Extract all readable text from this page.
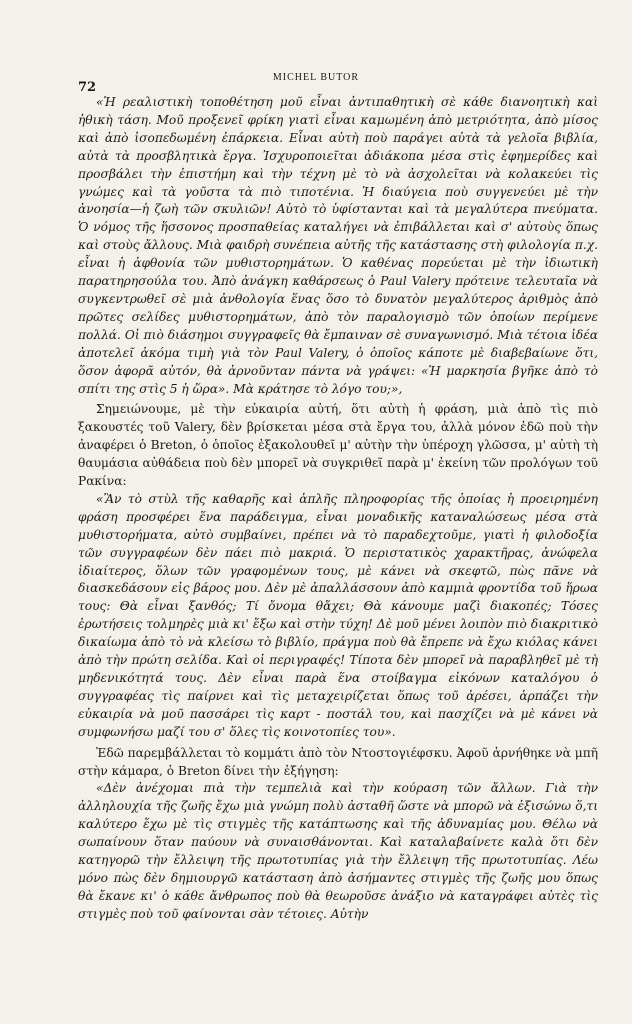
72
MICHEL BUTOR

«Ἡ ρεαλιστικὴ τοποθέτηση μοῦ εἶναι ἀντιπαθητικὴ σὲ κάθε διανοητικὴ καὶ ἠθικὴ τάση. Μοῦ προξενεῖ φρίκη γιατὶ εἶναι καμωμένη ἀπὸ μετριότητα, ἀπὸ μίσος καὶ ἀπὸ ἰσοπεδωμένη ἐπάρκεια. Εἶναι αὐτὴ ποὺ παράγει αὐτὰ τὰ γελοῖα βιβλία, αὐτὰ τὰ προσβλητικὰ ἔργα. Ἰσχυροποιεῖται ἀδιάκοπα μέσα στὶς ἐφημερίδες καὶ προσβάλει τὴν ἐπιστήμη καὶ τὴν τέχνη μὲ τὸ νὰ ἀσχολεῖται νὰ κολακεύει τὶς γνώμες καὶ τὰ γοῦστα τὰ πιὸ τιποτένια. Ἡ διαύγεια ποὺ συγγενεύει μὲ τὴν ἀνοησία—ἡ ζωὴ τῶν σκυλιῶν! Αὐτὸ τὸ ὑφίστανται καὶ τὰ μεγαλύτερα πνεύματα. Ὁ νόμος τῆς ἥσσονος προσπαθείας καταλήγει νὰ ἐπιβάλλεται καὶ σ' αὐτοὺς ὅπως καὶ στοὺς ἄλλους. Μιὰ φαιδρὴ συνέπεια αὐτῆς τῆς κατάστασης στὴ φιλολογία π.χ. εἶναι ἡ ἀφθονία τῶν μυθιστορημάτων. Ὁ καθένας πορεύεται μὲ τὴν ἰδιωτικὴ παρατηρησούλα του. Ἀπὸ ἀνάγκη καθάρσεως ὁ Paul Valery πρότεινε τελευταῖα νὰ συγκεντρωθεῖ σὲ μιὰ ἀνθολογία ἕνας ὅσο τὸ δυνατὸν μεγαλύτερος ἀριθμὸς ἀπὸ πρῶτες σελίδες μυθιστορημάτων, ἀπὸ τὸν παραλογισμὸ τῶν ὁποίων περίμενε πολλά. Οἱ πιὸ διάσημοι συγγραφεῖς θὰ ἔμπαιναν σὲ συναγωνισμό. Μιὰ τέτοια ἰδέα ἀποτελεῖ ἀκόμα τιμὴ γιὰ τὸν Paul Valery, ὁ ὁποῖος κάποτε μὲ διαβεβαίωνε ὅτι, ὅσον ἀφορᾶ αὐτόν, θὰ ἀρνοῦνταν πάντα νὰ γράψει: «Ἡ μαρκησία βγῆκε ἀπὸ τὸ σπίτι της στὶς 5 ἡ ὥρα». Μὰ κράτησε τὸ λόγο του;»,

Σημειώνουμε, μὲ τὴν εὐκαιρία αὐτή, ὅτι αὐτὴ ἡ φράση, μιὰ ἀπὸ τὶς πιὸ ξακουστές τοῦ Valery, δὲν βρίσκεται μέσα στὰ ἔργα του, ἀλλὰ μόνον ἐδῶ ποὺ τὴν ἀναφέρει ὁ Breton, ὁ ὁποῖος ἐξακολουθεῖ μ' αὐτὴν τὴν ὑπέροχη γλῶσσα, μ' αὐτὴ τὴ θαυμάσια αὐθάδεια ποὺ δὲν μπορεῖ νὰ συγκριθεῖ παρὰ μ' ἐκείνη τῶν προλόγων τοῦ Ρακίνα:

«Ἂν τὸ στὺλ τῆς καθαρῆς καὶ ἁπλῆς πληροφορίας τῆς ὁποίας ἡ προειρημένη φράση προσφέρει ἕνα παράδειγμα, εἶναι μοναδικῆς καταναλώσεως μέσα στὰ μυθιστορήματα, αὐτὸ συμβαίνει, πρέπει νὰ τὸ παραδεχτοῦμε, γιατὶ ἡ φιλοδοξία τῶν συγγραφέων δὲν πάει πιὸ μακριά. Ὁ περιστατικὸς χαρακτῆρας, ἀνώφελα ἰδιαίτερος, ὅλων τῶν γραφομένων τους, μὲ κάνει νὰ σκεφτῶ, πὼς πᾶνε νὰ διασκεδάσουν εἰς βάρος μου. Δὲν μὲ ἀπαλλάσσουν ἀπὸ καμμιὰ φροντίδα τοῦ ἥρωα τους: Θὰ εἶναι ξανθός; Τί ὄνομα θἄχει; Θὰ κάνουμε μαζὶ διακοπές; Τόσες ἐρωτήσεις τολμηρὲς μιὰ κι' ἔξω καὶ στὴν τύχη! Δὲ μοῦ μένει λοιπὸν πιὸ διακριτικὸ δικαίωμα ἀπὸ τὸ νὰ κλείσω τὸ βιβλίο, πράγμα ποὺ θὰ ἔπρεπε νὰ ἔχω κιόλας κάνει ἀπὸ τὴν πρώτη σελίδα. Καὶ οἱ περιγραφές! Τίποτα δὲν μπορεῖ νὰ παραβληθεῖ μὲ τὴ μηδενικότητά τους. Δὲν εἶναι παρὰ ἕνα στοίβαγμα εἰκόνων καταλόγου ὁ συγγραφέας τὶς παίρνει καὶ τὶς μεταχειρίζεται ὅπως τοῦ ἀρέσει, ἁρπάζει τὴν εὐκαιρία νὰ μοῦ πασσάρει τὶς καρτ - ποστάλ του, καὶ πασχίζει νὰ μὲ κάνει νὰ συμφωνήσω μαζί του σ' ὅλες τὶς κοινοτοπίες του».

Ἐδῶ παρεμβάλλεται τὸ κομμάτι ἀπὸ τὸν Ντοστογιέφσκυ. Ἀφοῦ ἀρνήθηκε νὰ μπῆ στὴν κάμαρα, ὁ Breton δίνει τὴν ἐξήγηση:

«Δὲν ἀνέχομαι πιὰ τὴν τεμπελιὰ καὶ τὴν κούραση τῶν ἄλλων. Γιὰ τὴν ἀλληλουχία τῆς ζωῆς ἔχω μιὰ γνώμη πολὺ ἀσταθῆ ὥστε νὰ μπορῶ νὰ ἐξισώνω ὅ,τι καλύτερο ἔχω μὲ τὶς στιγμὲς τῆς κατάπτωσης καὶ τῆς ἀδυναμίας μου. Θέλω νὰ σωπαίνουν ὅταν παύουν νὰ συναισθάνονται. Καὶ καταλαβαίνετε καλὰ ὅτι δὲν κατηγορῶ τὴν ἔλλειψη τῆς πρωτοτυπίας γιὰ τὴν ἔλλειψη τῆς πρωτοτυπίας. Λέω μόνο πὼς δὲν δημιουργῶ κατάσταση ἀπὸ ἀσήμαντες στιγμὲς τῆς ζωῆς μου ὅπως θὰ ἔκανε κι' ὁ κάθε ἄνθρωπος ποὺ θὰ θεωροῦσε ἀνάξιο νὰ καταγράφει αὐτὲς τὶς στιγμὲς ποὺ τοῦ φαίνονται σὰν τέτοιες. Αὐτὴν
